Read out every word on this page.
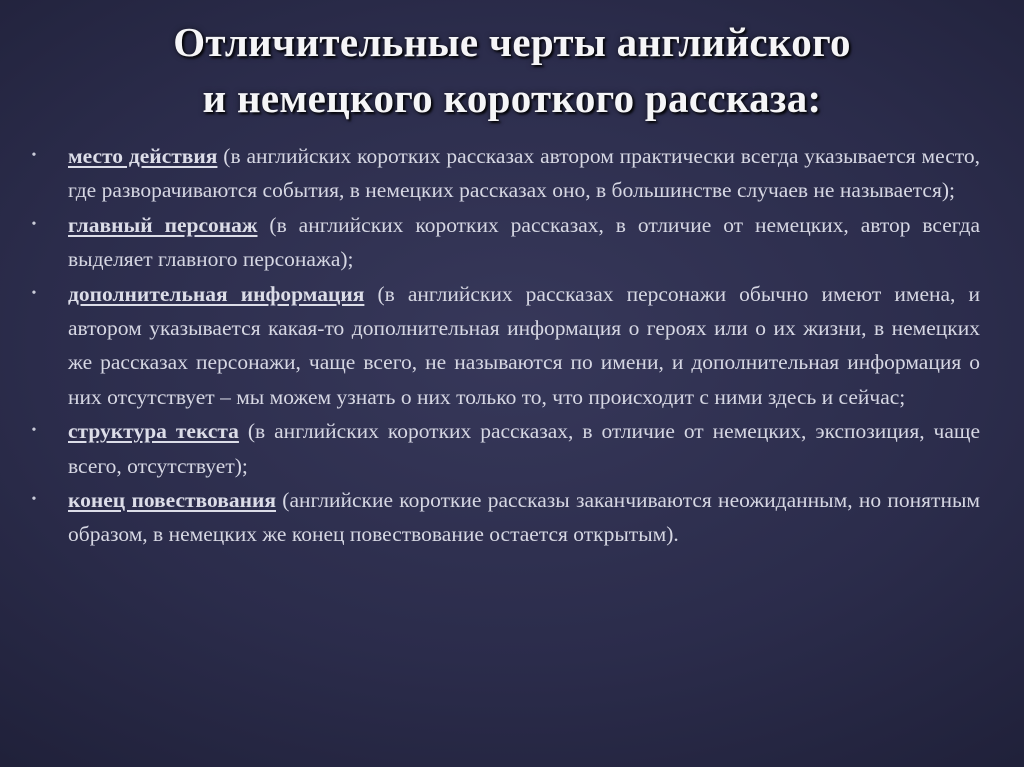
Отличительные черты английского
и немецкого короткого рассказа:
• место действия (в английских коротких рассказах автором практически всегда указывается место, где разворачиваются события, в немецких рассказах оно, в большинстве случаев не называется);
• главный персонаж (в английских коротких рассказах, в отличие от немецких, автор всегда выделяет главного персонажа);
• дополнительная информация (в английских рассказах персонажи обычно имеют имена, и автором указывается какая-то дополнительная информация о героях или о их жизни, в немецких же рассказах персонажи, чаще всего, не называются по имени, и дополнительная информация о них отсутствует – мы можем узнать о них только то, что происходит с ними здесь и сейчас;
• структура текста (в английских коротких рассказах, в отличие от немецких, экспозиция, чаще всего, отсутствует);
• конец повествования (английские короткие рассказы заканчиваются неожиданным, но понятным образом, в немецких же конец повествование остается открытым).
